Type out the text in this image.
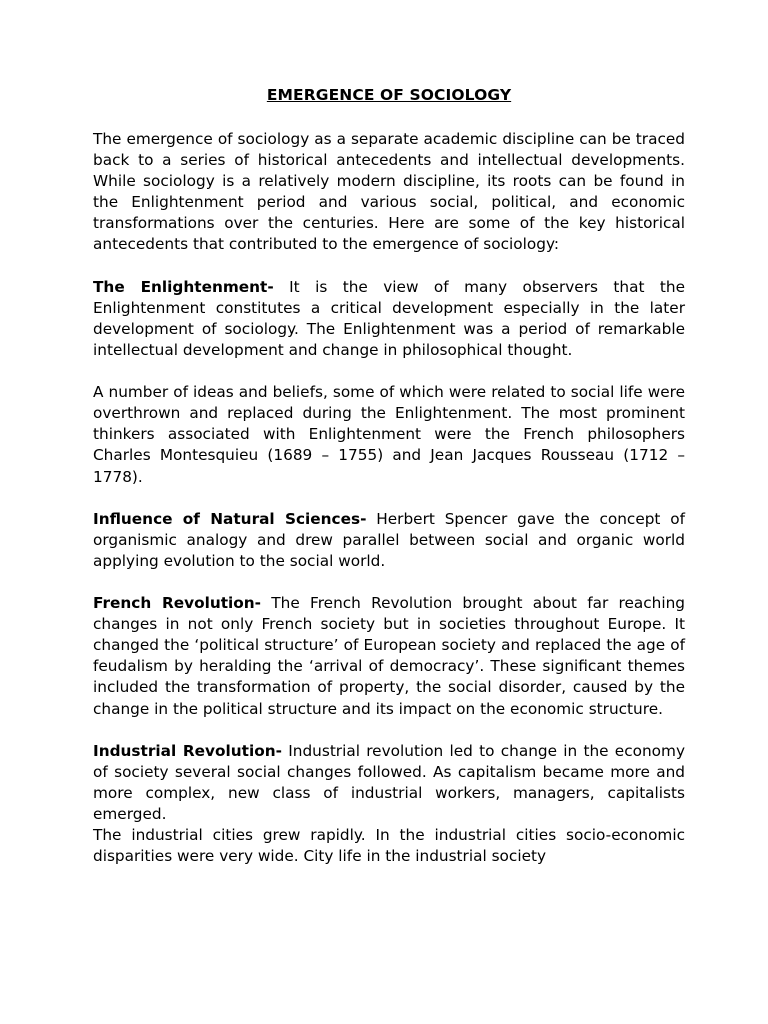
EMERGENCE OF SOCIOLOGY

The emergence of sociology as a separate academic discipline can be traced back to a series of historical antecedents and intellectual developments. While sociology is a relatively modern discipline, its roots can be found in the Enlightenment period and various social, political, and economic transformations over the centuries. Here are some of the key historical antecedents that contributed to the emergence of sociology:

The Enlightenment- It is the view of many observers that the Enlightenment constitutes a critical development especially in the later development of sociology. The Enlightenment was a period of remarkable intellectual development and change in philosophical thought.

A number of ideas and beliefs, some of which were related to social life were overthrown and replaced during the Enlightenment. The most prominent thinkers associated with Enlightenment were the French philosophers Charles Montesquieu (1689 – 1755) and Jean Jacques Rousseau (1712 – 1778).

Influence of Natural Sciences- Herbert Spencer gave the concept of organismic analogy and drew parallel between social and organic world applying evolution to the social world.

French Revolution- The French Revolution brought about far reaching changes in not only French society but in societies throughout Europe. It changed the ‘political structure’ of European society and replaced the age of feudalism by heralding the ‘arrival of democracy’. These significant themes included the transformation of property, the social disorder, caused by the change in the political structure and its impact on the economic structure.

Industrial Revolution- Industrial revolution led to change in the economy of society several social changes followed. As capitalism became more and more complex, new class of industrial workers, managers, capitalists emerged.

The industrial cities grew rapidly. In the industrial cities socio-economic disparities were very wide. City life in the industrial society
